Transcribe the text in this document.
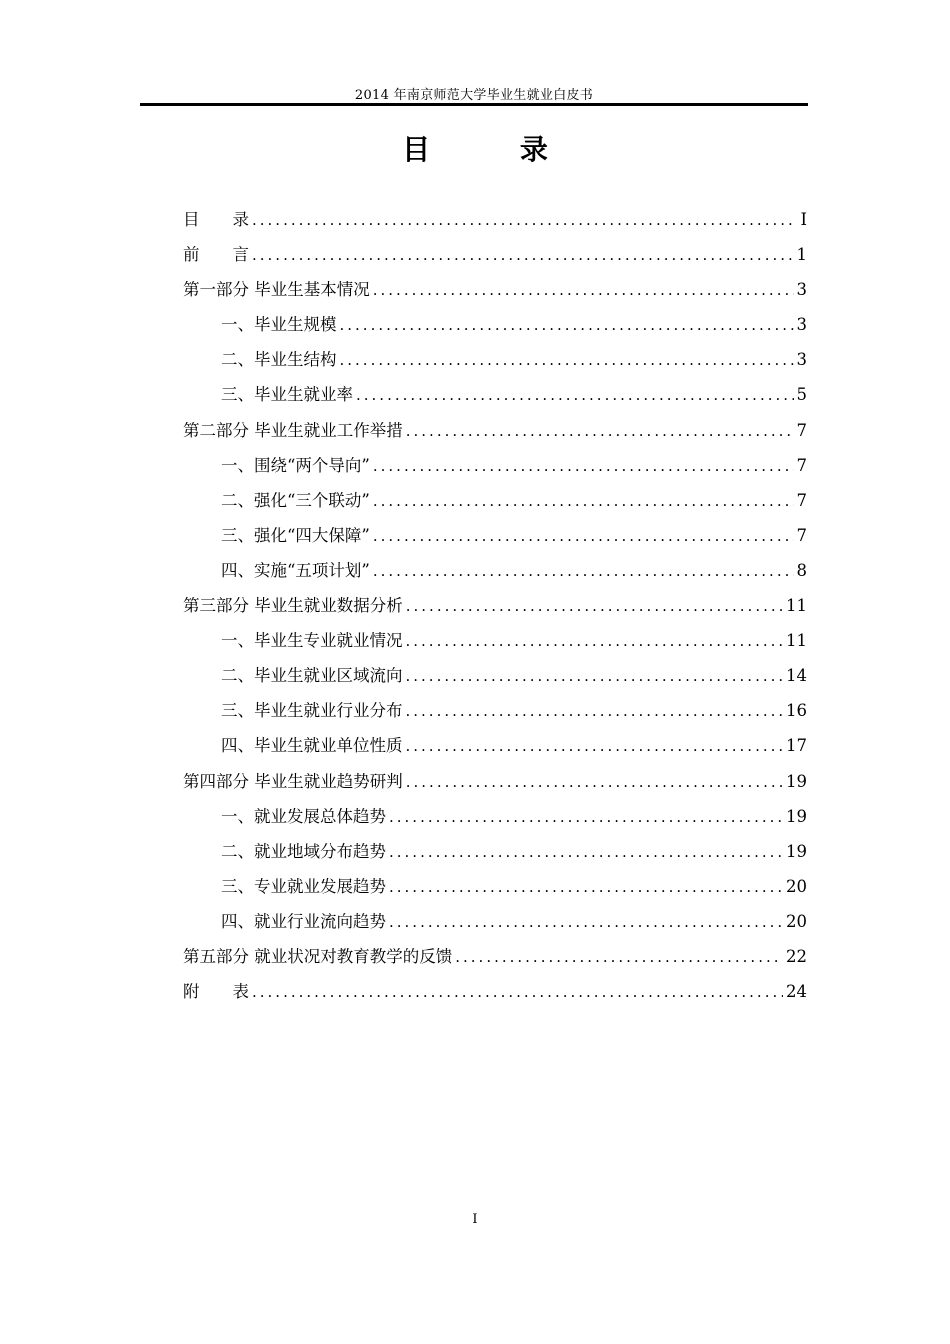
2014 年南京师范大学毕业生就业白皮书
目 录
目　　录 .....	I
前　　言 .....	1
第一部分 毕业生基本情况 .....	3
一、毕业生规模 .....	3
二、毕业生结构 .....	3
三、毕业生就业率 .....	5
第二部分 毕业生就业工作举措 .....	7
一、围绕“两个导向” .....	7
二、强化“三个联动” .....	7
三、强化“四大保障” .....	7
四、实施“五项计划” .....	8
第三部分 毕业生就业数据分析 .....	11
一、毕业生专业就业情况 .....	11
二、毕业生就业区域流向 .....	14
三、毕业生就业行业分布 .....	16
四、毕业生就业单位性质 .....	17
第四部分 毕业生就业趋势研判 .....	19
一、就业发展总体趋势 .....	19
二、就业地域分布趋势 .....	19
三、专业就业发展趋势 .....	20
四、就业行业流向趋势 .....	20
第五部分 就业状况对教育教学的反馈 .....	22
附　　表 .....	24
I
